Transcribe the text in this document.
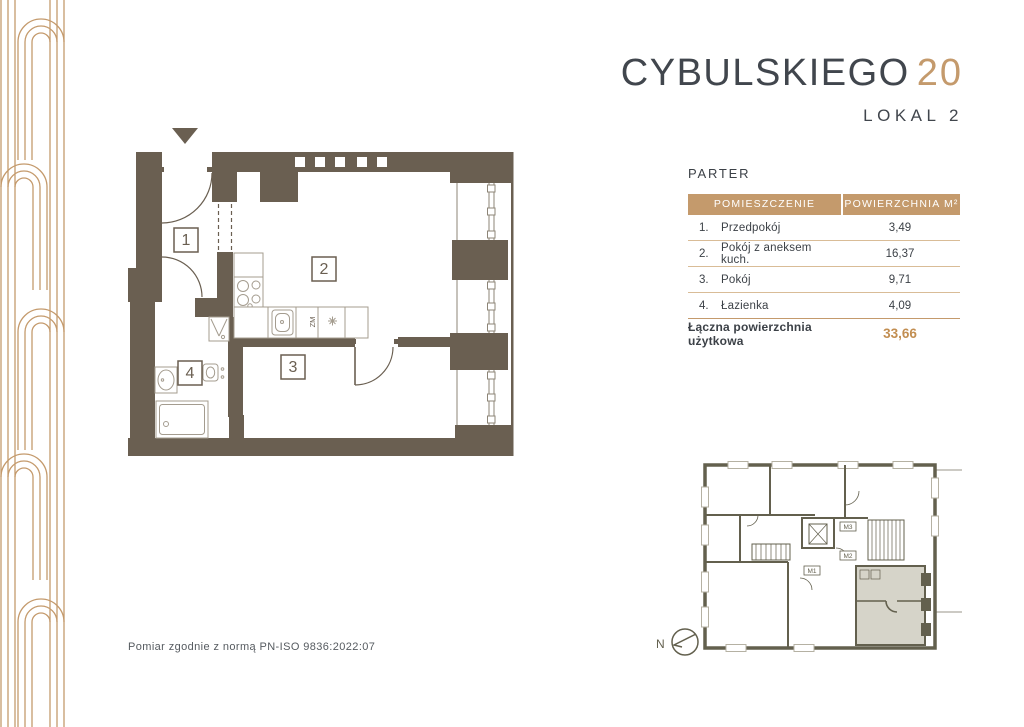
CYBULSKIEGO 20
LOKAL 2
PARTER
POMIESZCZENIE	POWIERZCHNIA M²
1.	Przedpokój	3,49
2.	Pokój z aneksem kuch.	16,37
3.	Pokój	9,71
4.	Łazienka	4,09
Łączna powierzchnia użytkowa	33,66
1
2
3
4
ZM
M3
M2
M1
N
Pomiar zgodnie z normą PN-ISO 9836:2022:07
